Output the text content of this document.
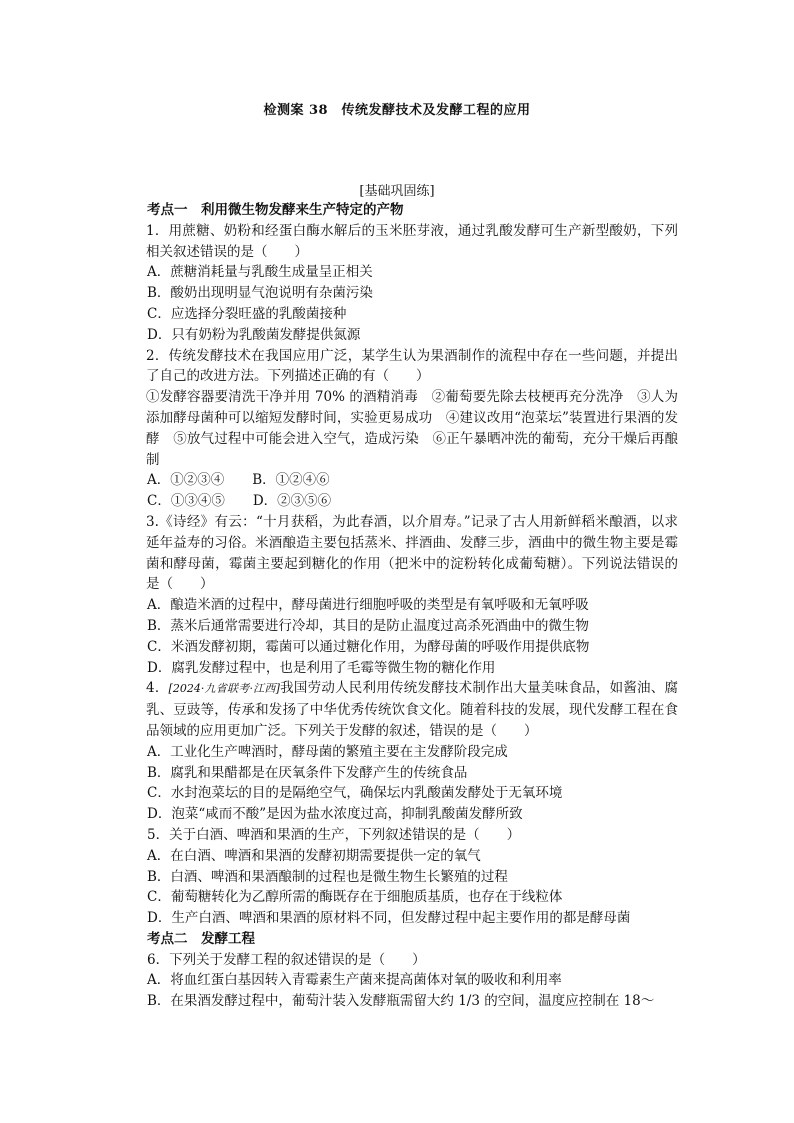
检测案 38　传统发酵技术及发酵工程的应用
[基础巩固练]

考点一　利用微生物发酵来生产特定的产物

1．用蔗糖、奶粉和经蛋白酶水解后的玉米胚芽液，通过乳酸发酵可生产新型酸奶，下列相关叙述错误的是（　　）

A．蔗糖消耗量与乳酸生成量呈正相关

B．酸奶出现明显气泡说明有杂菌污染

C．应选择分裂旺盛的乳酸菌接种

D．只有奶粉为乳酸菌发酵提供氮源

2．传统发酵技术在我国应用广泛，某学生认为果酒制作的流程中存在一些问题，并提出了自己的改进方法。下列描述正确的有（　　）

①发酵容器要清洗干净并用 70% 的酒精消毒　②葡萄要先除去枝梗再充分洗净　③人为添加酵母菌种可以缩短发酵时间，实验更易成功　④建议改用“泡菜坛”装置进行果酒的发酵　⑤放气过程中可能会进入空气，造成污染　⑥正午暴晒冲洗的葡萄，充分干燥后再酿制

A．①②③④ B．①②④⑥

C．①③④⑤ D．②③⑤⑥

3.《诗经》有云：“十月获稻，为此春酒，以介眉寿。”记录了古人用新鲜稻米酿酒，以求延年益寿的习俗。米酒酿造主要包括蒸米、拌酒曲、发酵三步，酒曲中的微生物主要是霉菌和酵母菌，霉菌主要起到糖化的作用（把米中的淀粉转化成葡萄糖）。下列说法错误的是（　　）

A．酿造米酒的过程中，酵母菌进行细胞呼吸的类型是有氧呼吸和无氧呼吸

B．蒸米后通常需要进行冷却，其目的是防止温度过高杀死酒曲中的微生物

C．米酒发酵初期，霉菌可以通过糖化作用，为酵母菌的呼吸作用提供底物

D．腐乳发酵过程中，也是利用了毛霉等微生物的糖化作用

4．[2024·九省联考·江西]我国劳动人民利用传统发酵技术制作出大量美味食品，如酱油、腐乳、豆豉等，传承和发扬了中华优秀传统饮食文化。随着科技的发展，现代发酵工程在食品领域的应用更加广泛。下列关于发酵的叙述，错误的是（　　）

A．工业化生产啤酒时，酵母菌的繁殖主要在主发酵阶段完成

B．腐乳和果醋都是在厌氧条件下发酵产生的传统食品

C．水封泡菜坛的目的是隔绝空气，确保坛内乳酸菌发酵处于无氧环境

D．泡菜“咸而不酸”是因为盐水浓度过高，抑制乳酸菌发酵所致

5．关于白酒、啤酒和果酒的生产，下列叙述错误的是（　　）

A．在白酒、啤酒和果酒的发酵初期需要提供一定的氧气

B．白酒、啤酒和果酒酿制的过程也是微生物生长繁殖的过程

C．葡萄糖转化为乙醇所需的酶既存在于细胞质基质，也存在于线粒体

D．生产白酒、啤酒和果酒的原材料不同，但发酵过程中起主要作用的都是酵母菌

考点二　发酵工程

6．下列关于发酵工程的叙述错误的是（　　）

A．将血红蛋白基因转入青霉素生产菌来提高菌体对氧的吸收和利用率

B．在果酒发酵过程中，葡萄汁装入发酵瓶需留大约 1/3 的空间，温度应控制在 18～
